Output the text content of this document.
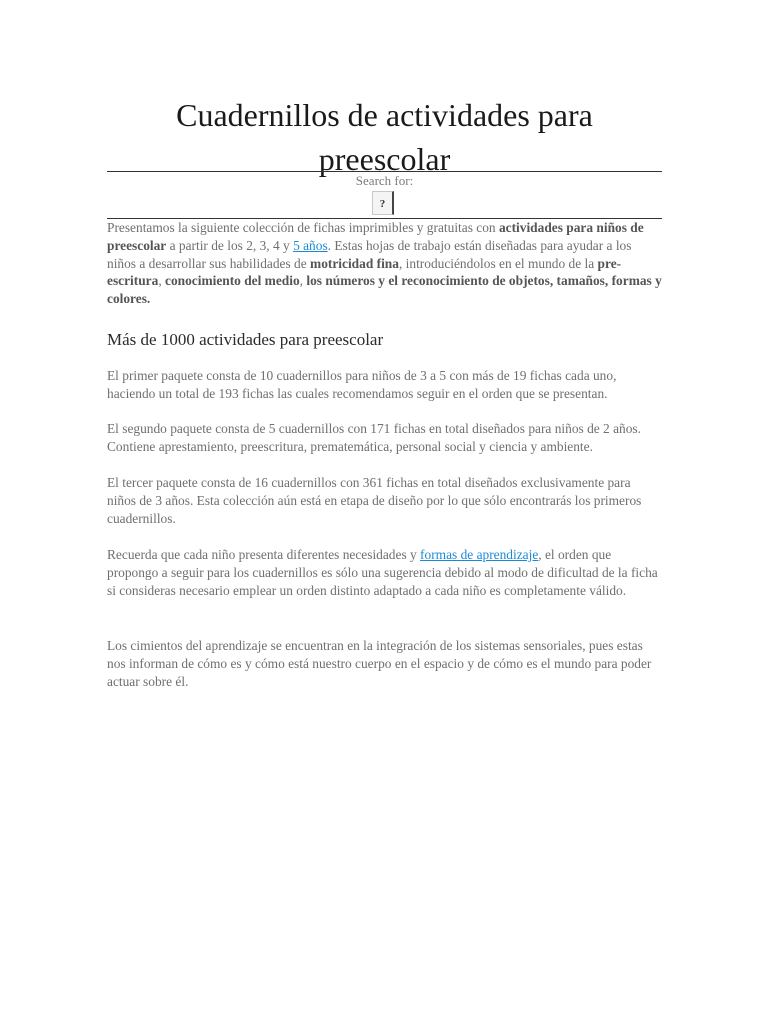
Cuadernillos de actividades para preescolar
Search for:
?

Presentamos la siguiente colección de fichas imprimibles y gratuitas con actividades para niños de preescolar a partir de los 2, 3, 4 y 5 años. Estas hojas de trabajo están diseñadas para ayudar a los niños a desarrollar sus habilidades de motricidad fina, introduciéndolos en el mundo de la pre-escritura, conocimiento del medio, los números y el reconocimiento de objetos, tamaños, formas y colores.

Más de 1000 actividades para preescolar

El primer paquete consta de 10 cuadernillos para niños de 3 a 5 con más de 19 fichas cada uno, haciendo un total de 193 fichas las cuales recomendamos seguir en el orden que se presentan.

El segundo paquete consta de 5 cuadernillos con 171 fichas en total diseñados para niños de 2 años. Contiene aprestamiento, preescritura, prematemática, personal social y ciencia y ambiente.

El tercer paquete consta de 16 cuadernillos con 361 fichas en total diseñados exclusivamente para niños de 3 años. Esta colección aún está en etapa de diseño por lo que sólo encontrarás los primeros cuadernillos.

Recuerda que cada niño presenta diferentes necesidades y formas de aprendizaje, el orden que propongo a seguir para los cuadernillos es sólo una sugerencia debido al modo de dificultad de la ficha si consideras necesario emplear un orden distinto adaptado a cada niño es completamente válido.

Los cimientos del aprendizaje se encuentran en la integración de los sistemas sensoriales, pues estas nos informan de cómo es y cómo está nuestro cuerpo en el espacio y de cómo es el mundo para poder actuar sobre él.
